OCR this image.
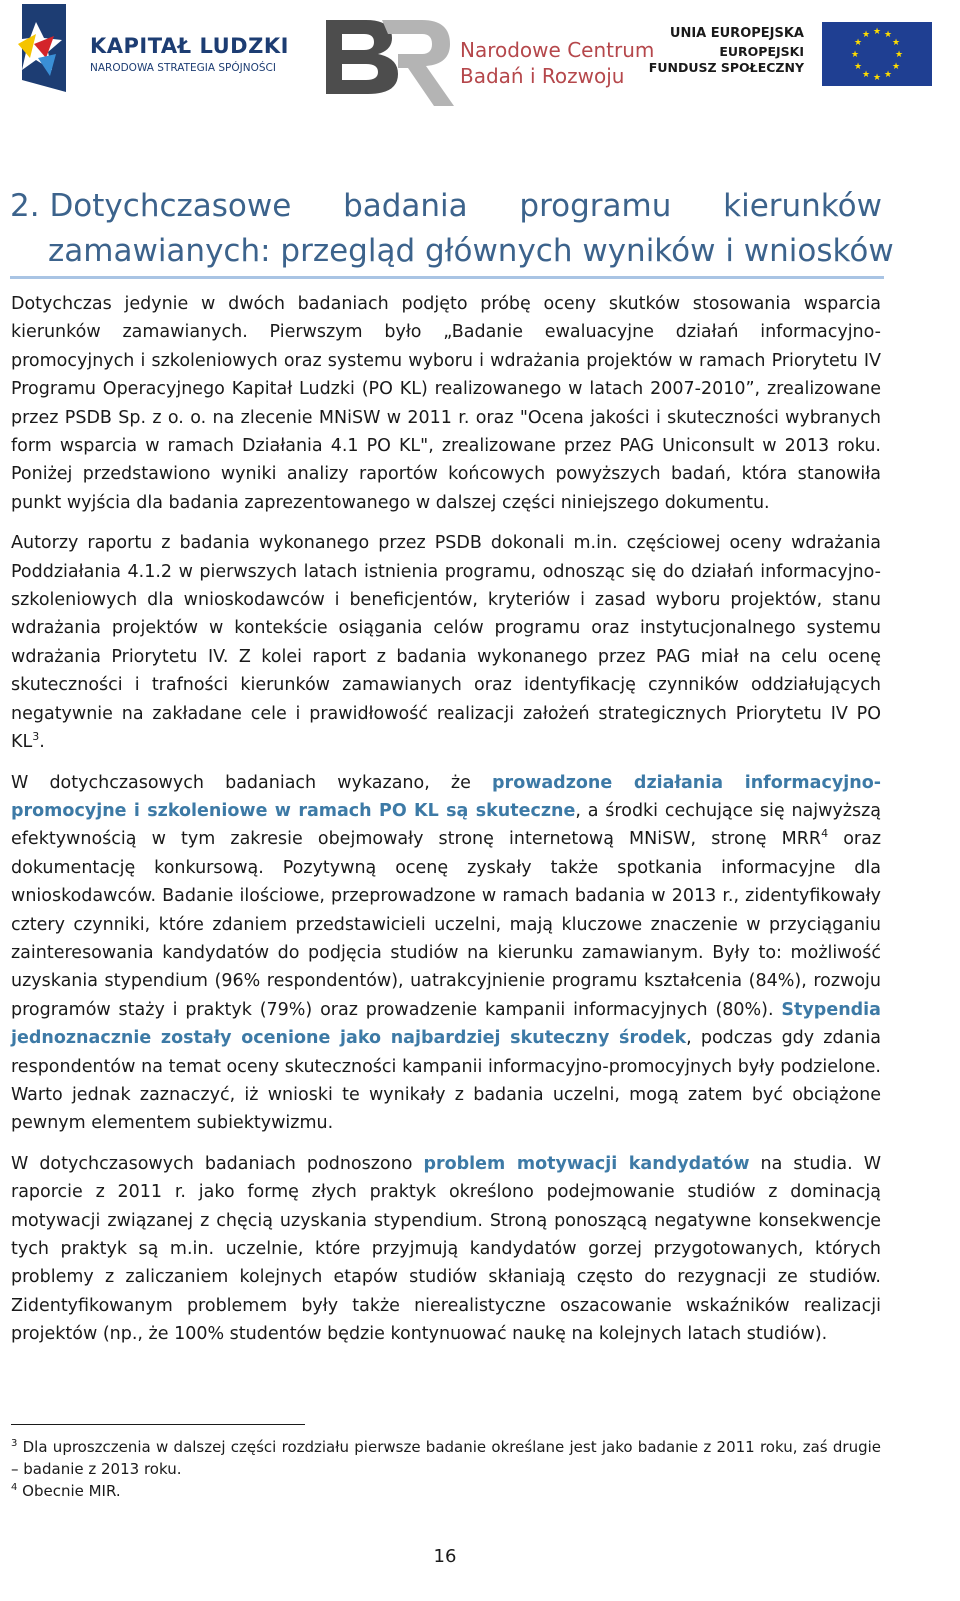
KAPITAŁ LUDZKI
NARODOWA STRATEGIA SPÓJNOŚCI
Narodowe Centrum
Badań i Rozwoju
UNIA EUROPEJSKA
EUROPEJSKI
FUNDUSZ SPOŁECZNY
★ ★
★
★
★
★
★
★
★
★
★
★
2. Dotychczasowe badania programu kierunków
zamawianych: przegląd głównych wyników i wniosków

Dotychczas jedynie w dwóch badaniach podjęto próbę oceny skutków stosowania wsparcia kierunków zamawianych. Pierwszym było „Badanie ewaluacyjne działań informacyjno-promocyjnych i szkoleniowych oraz systemu wyboru i wdrażania projektów w ramach Priorytetu IV Programu Operacyjnego Kapitał Ludzki (PO KL) realizowanego w latach 2007-2010”, zrealizowane przez PSDB Sp. z o. o. na zlecenie MNiSW w 2011 r. oraz "Ocena jakości i skuteczności wybranych form wsparcia w ramach Działania 4.1 PO KL", zrealizowane przez PAG Uniconsult w 2013 roku. Poniżej przedstawiono wyniki analizy raportów końcowych powyższych badań, która stanowiła punkt wyjścia dla badania zaprezentowanego w dalszej części niniejszego dokumentu.

Autorzy raportu z badania wykonanego przez PSDB dokonali m.in. częściowej oceny wdrażania Poddziałania 4.1.2 w pierwszych latach istnienia programu, odnosząc się do działań informacyjno-szkoleniowych dla wnioskodawców i beneficjentów, kryteriów i zasad wyboru projektów, stanu wdrażania projektów w kontekście osiągania celów programu oraz instytucjonalnego systemu wdrażania Priorytetu IV. Z kolei raport z badania wykonanego przez PAG miał na celu ocenę skuteczności i trafności kierunków zamawianych oraz identyfikację czynników oddziałujących negatywnie na zakładane cele i prawidłowość realizacji założeń strategicznych Priorytetu IV PO $KL^3$.

W dotychczasowych badaniach wykazano, że prowadzone działania informacyjno-promocyjne i szkoleniowe w ramach PO KL są skuteczne, a środki cechujące się najwyższą efektywnością w tym zakresie obejmowały stronę internetową MNiSW, stronę MRR$^4$ oraz dokumentację konkursową. Pozytywną ocenę zyskały także spotkania informacyjne dla wnioskodawców. Badanie ilościowe, przeprowadzone w ramach badania w 2013 r., zidentyfikowały cztery czynniki, które zdaniem przedstawicieli uczelni, mają kluczowe znaczenie w przyciąganiu zainteresowania kandydatów do podjęcia studiów na kierunku zamawianym. Były to: możliwość uzyskania stypendium (96% respondentów), uatrakcyjnienie programu kształcenia (84%), rozwoju programów staży i praktyk (79%) oraz prowadzenie kampanii informacyjnych (80%). Stypendia jednoznacznie zostały ocenione jako najbardziej skuteczny środek, podczas gdy zdania respondentów na temat oceny skuteczności kampanii informacyjno-promocyjnych były podzielone. Warto jednak zaznaczyć, iż wnioski te wynikały z badania uczelni, mogą zatem być obciążone pewnym elementem subiektywizmu.

W dotychczasowych badaniach podnoszono problem motywacji kandydatów na studia. W raporcie z 2011 r. jako formę złych praktyk określono podejmowanie studiów z dominacją motywacji związanej z chęcią uzyskania stypendium. Stroną ponoszącą negatywne konsekwencje tych praktyk są m.in. uczelnie, które przyjmują kandydatów gorzej przygotowanych, których problemy z zaliczaniem kolejnych etapów studiów skłaniają często do rezygnacji ze studiów. Zidentyfikowanym problemem były także nierealistyczne oszacowanie wskaźników realizacji projektów (np., że 100% studentów będzie kontynuować naukę na kolejnych latach studiów).

$^3$ Dla uproszczenia w dalszej części rozdziału pierwsze badanie określane jest jako badanie z 2011 roku, zaś drugie – badanie z 2013 roku.

$^4$ Obecnie MIR.

16
